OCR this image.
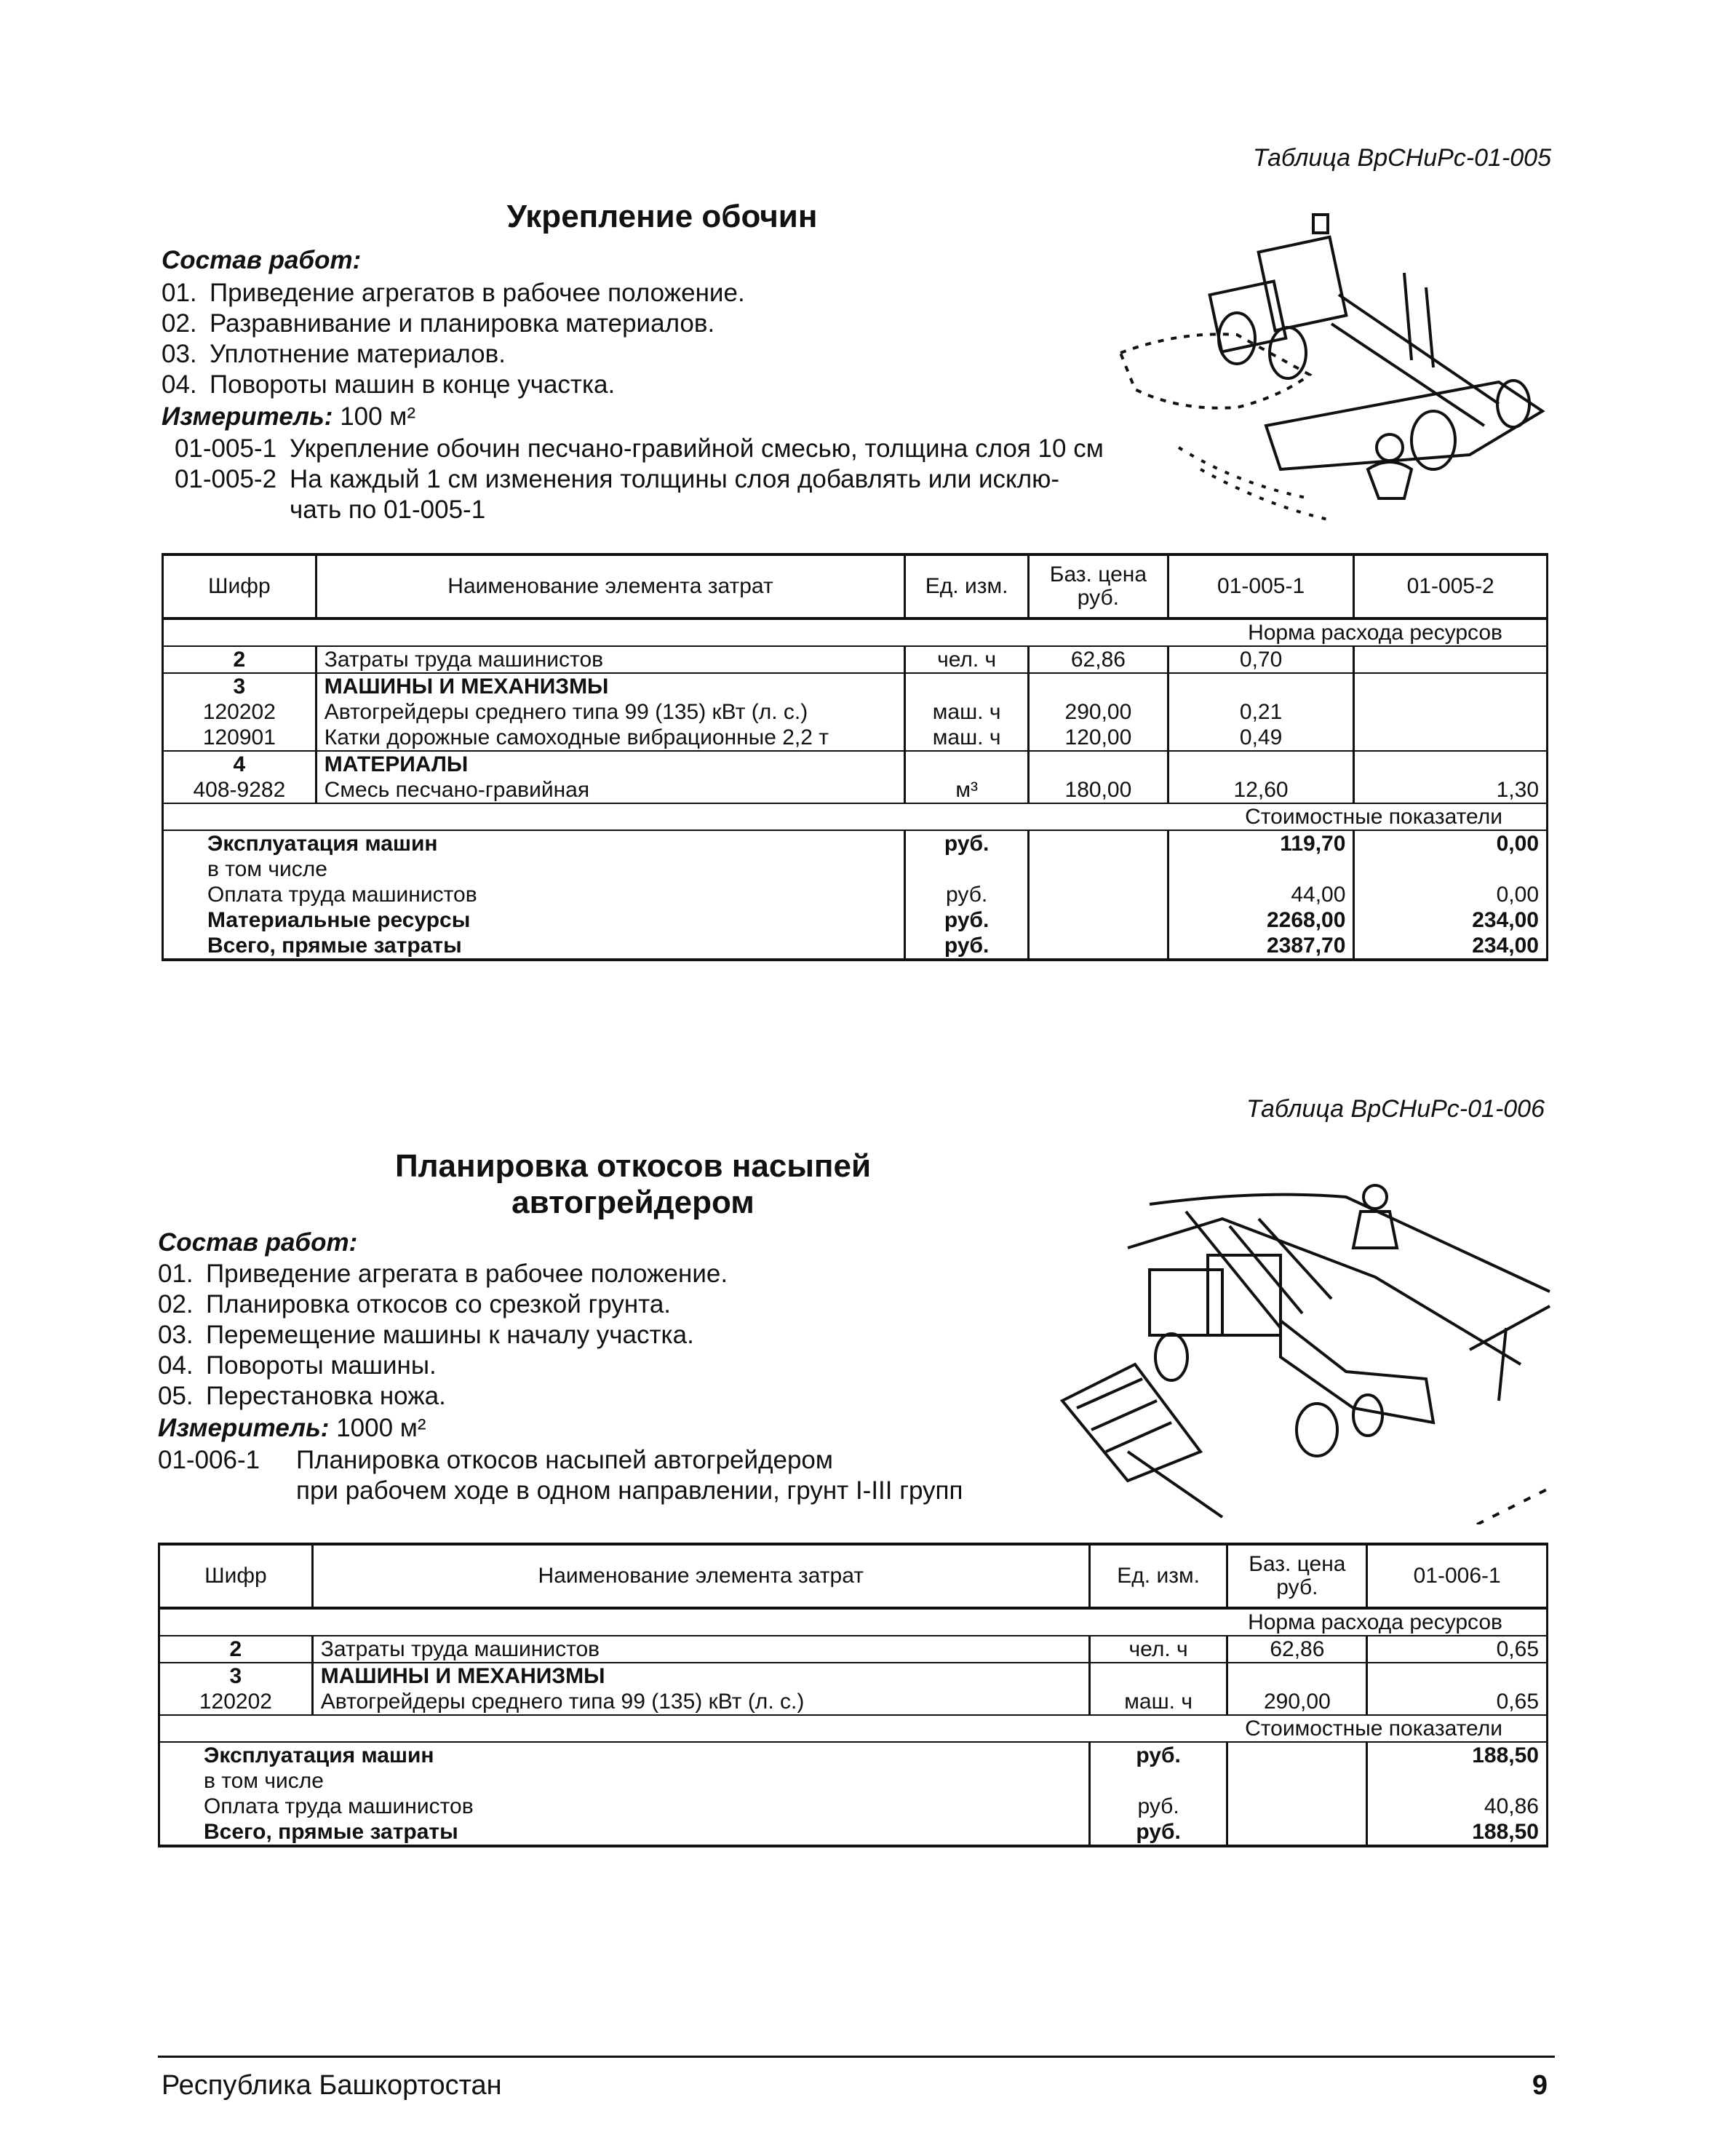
Таблица ВрСНиРс-01-005
Укрепление обочин
Состав работ:
01. Приведение агрегатов в рабочее положение.
02. Разравнивание и планировка материалов.
03. Уплотнение материалов.
04. Повороты машин в конце участка.
Измеритель: 100 м²
01-005-1 Укрепление обочин песчано-гравийной смесью, толщина слоя 10 см
01-005-2 На каждый 1 см изменения толщины слоя добавлять или исклю-
чать по 01-005-1
Шифр	Наименование элемента затрат	Ед. изм.	Баз. цена руб.	01-005-1	01-005-2
Норма расхода ресурсов					
2	Затраты труда машинистов	чел. ч	62,86	0,70	
3	МАШИНЫ И МЕХАНИЗМЫ				
120202	Автогрейдеры среднего типа 99 (135) кВт (л. с.)	маш. ч	290,00	0,21	
120901	Катки дорожные самоходные вибрационные 2,2 т	маш. ч	120,00	0,49	
4	МАТЕРИАЛЫ				
408-9282	Смесь песчано-гравийная	м³	180,00	12,60	1,30
Стоимостные показатели					
Эксплуатация машин		руб.		119,70	0,00
в том числе					
Оплата труда машинистов		руб.		44,00	0,00
Материальные ресурсы		руб.		2268,00	234,00
Всего, прямые затраты		руб.		2387,70	234,00
Таблица ВрСНиРс-01-006
Планировка откосов насыпей
автогрейдером
Состав работ:
01. Приведение агрегата в рабочее положение.
02. Планировка откосов со срезкой грунта.
03. Перемещение машины к началу участка.
04. Повороты машины.
05. Перестановка ножа.
Измеритель: 1000 м²
01-006-1 Планировка откосов насыпей автогрейдером
при рабочем ходе в одном направлении, грунт I-III групп
Шифр	Наименование элемента затрат	Ед. изм.	Баз. цена руб.	01-006-1
Норма расхода ресурсов				
2	Затраты труда машинистов	чел. ч	62,86	0,65
3	МАШИНЫ И МЕХАНИЗМЫ			
120202	Автогрейдеры среднего типа 99 (135) кВт (л. с.)	маш. ч	290,00	0,65
Стоимостные показатели				
Эксплуатация машин		руб.		188,50
в том числе				
Оплата труда машинистов		руб.		40,86
Всего, прямые затраты		руб.		188,50
Республика Башкортостан	9
